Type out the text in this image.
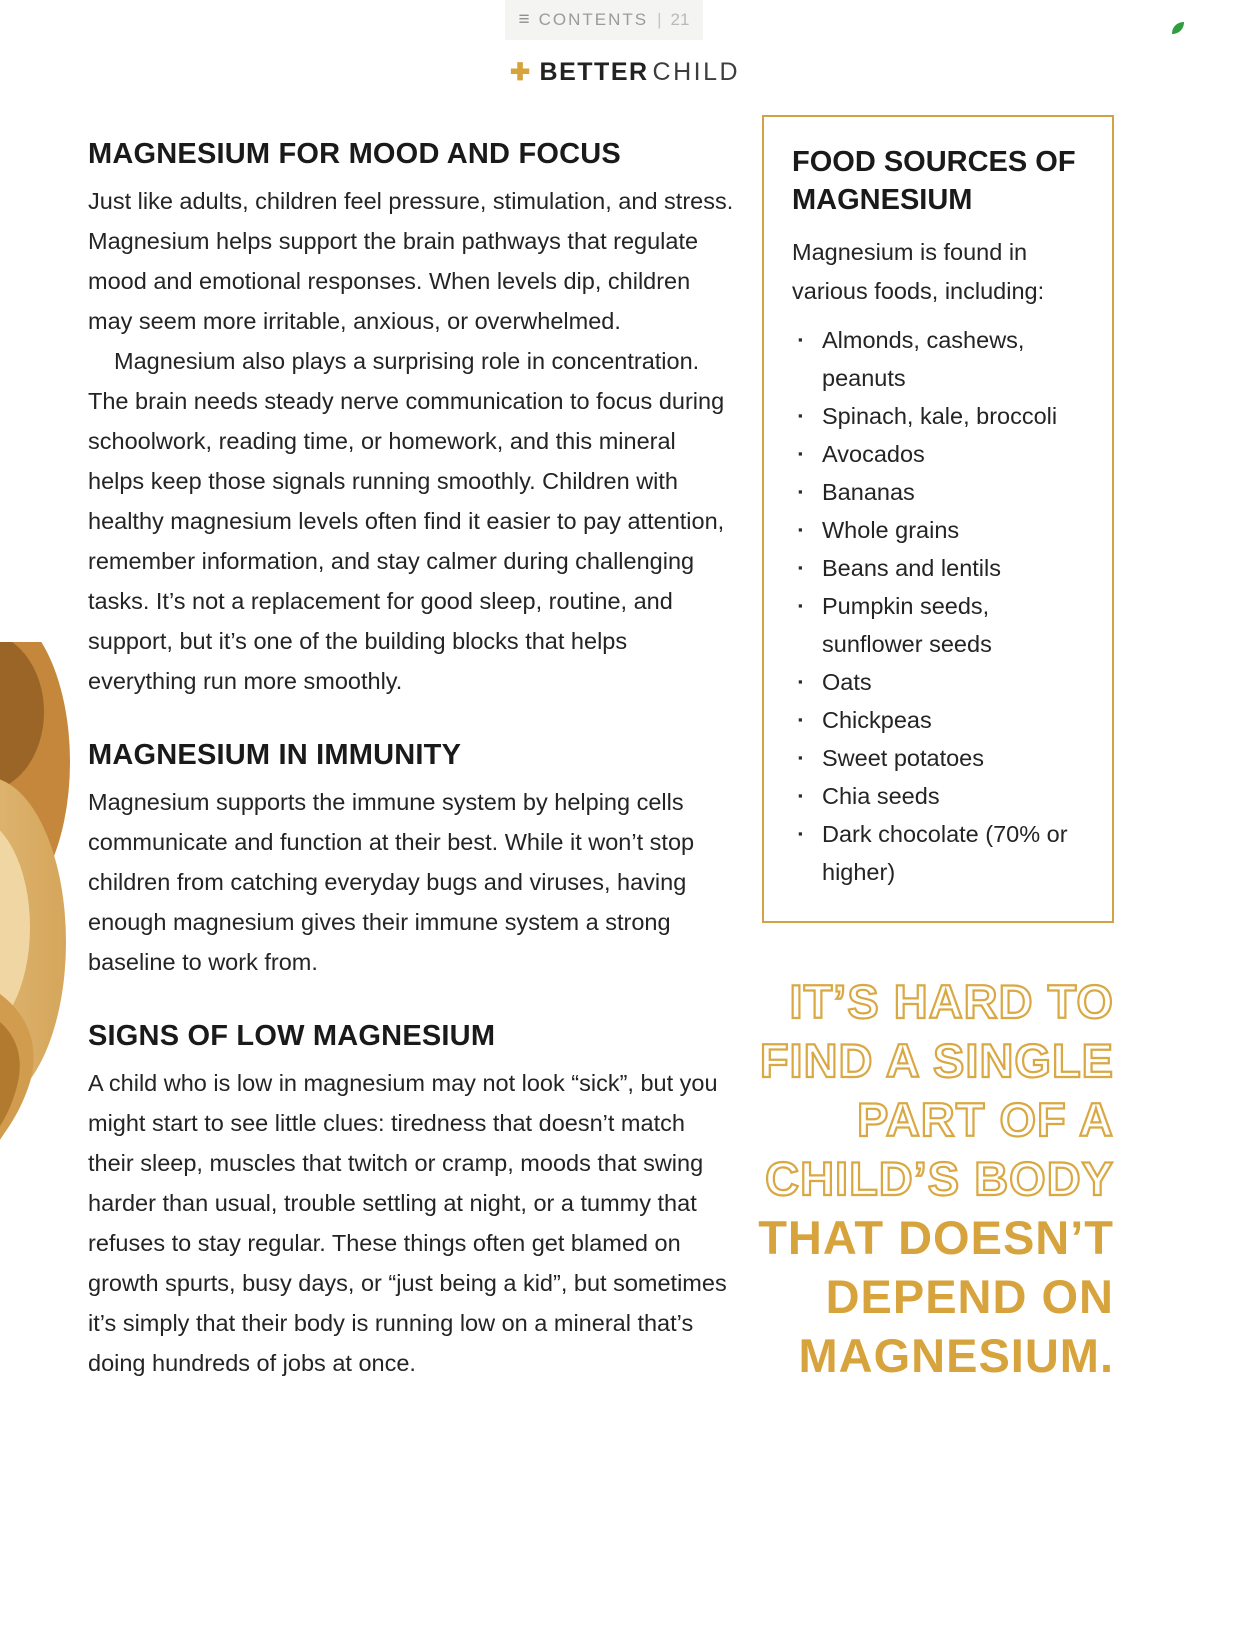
≡ CONTENTS | 21
✚ BETTER CHILD
MAGNESIUM FOR MOOD AND FOCUS

Just like adults, children feel pressure, stimulation, and stress. Magnesium helps support the brain pathways that regulate mood and emotional responses. When levels dip, children may seem more irritable, anxious, or overwhelmed.

Magnesium also plays a surprising role in concentration. The brain needs steady nerve communication to focus during schoolwork, reading time, or homework, and this mineral helps keep those signals running smoothly. Children with healthy magnesium levels often find it easier to pay attention, remember information, and stay calmer during challenging tasks. It’s not a replacement for good sleep, routine, and support, but it’s one of the building blocks that helps everything run more smoothly.

MAGNESIUM IN IMMUNITY

Magnesium supports the immune system by helping cells communicate and function at their best. While it won’t stop children from catching everyday bugs and viruses, having enough magnesium gives their immune system a strong baseline to work from.

SIGNS OF LOW MAGNESIUM

A child who is low in magnesium may not look “sick”, but you might start to see little clues: tiredness that doesn’t match their sleep, muscles that twitch or cramp, moods that swing harder than usual, trouble settling at night, or a tummy that refuses to stay regular. These things often get blamed on growth spurts, busy days, or “just being a kid”, but sometimes it’s simply that their body is running low on a mineral that’s doing hundreds of jobs at once.

FOOD SOURCES OF MAGNESIUM

Magnesium is found in various foods, including:

▪ Almonds, cashews, peanuts
▪ Spinach, kale, broccoli
▪ Avocados
▪ Bananas
▪ Whole grains
▪ Beans and lentils
▪ Pumpkin seeds, sunflower seeds
▪ Oats
▪ Chickpeas
▪ Sweet potatoes
▪ Chia seeds
▪ Dark chocolate (70% or higher)
IT’S HARD TO FIND A SINGLE PART OF A CHILD’S BODY THAT DOESN’T DEPEND ON MAGNESIUM.
